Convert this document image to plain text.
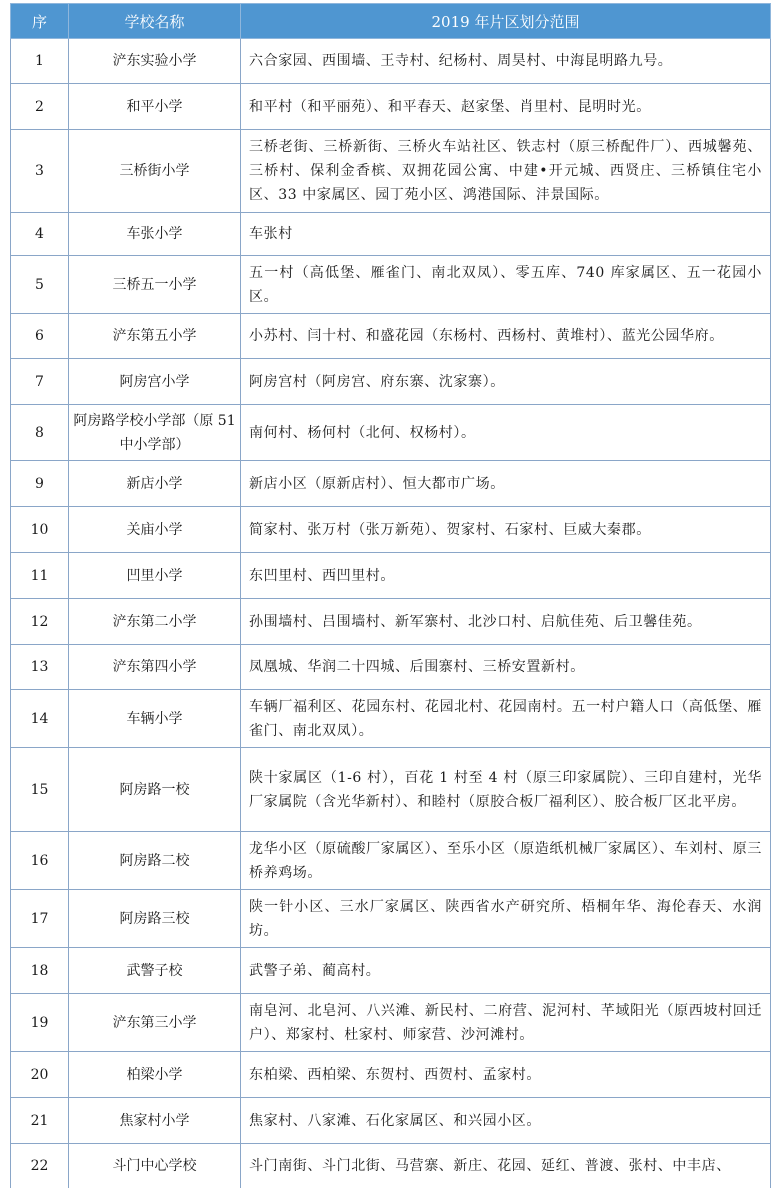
序	学校名称	2019 年片区划分范围
1	浐东实验小学	六合家园、西围墙、王寺村、纪杨村、周昊村、中海昆明路九号。
2	和平小学	和平村（和平丽苑）、和平春天、赵家堡、肖里村、昆明时光。
3	三桥街小学	三桥老街、三桥新街、三桥火车站社区、铁志村（原三桥配件厂）、西城馨苑、三桥村、保利金香槟、双拥花园公寓、中建•开元城、西贤庄、三桥镇住宅小区、33 中家属区、园丁苑小区、鸿港国际、沣景国际。
4	车张小学	车张村
5	三桥五一小学	五一村（高低堡、雁雀门、南北双凤）、零五库、740 库家属区、五一花园小区。
6	浐东第五小学	小苏村、闫十村、和盛花园（东杨村、西杨村、黄堆村）、蓝光公园华府。
7	阿房宫小学	阿房宫村（阿房宫、府东寨、沈家寨）。
8	阿房路学校小学部（原 51 中小学部）	南何村、杨何村（北何、权杨村）。
9	新店小学	新店小区（原新店村）、恒大都市广场。
10	关庙小学	简家村、张万村（张万新苑）、贺家村、石家村、巨威大秦郡。
11	凹里小学	东凹里村、西凹里村。
12	浐东第二小学	孙围墙村、吕围墙村、新军寨村、北沙口村、启航佳苑、后卫馨佳苑。
13	浐东第四小学	凤凰城、华润二十四城、后围寨村、三桥安置新村。
14	车辆小学	车辆厂福利区、花园东村、花园北村、花园南村。五一村户籍人口（高低堡、雁雀门、南北双凤）。
15	阿房路一校	陕十家属区（1-6 村），百花 1 村至 4 村（原三印家属院）、三印自建村，光华厂家属院（含光华新村）、和睦村（原胶合板厂福利区）、胶合板厂区北平房。
16	阿房路二校	龙华小区（原硫酸厂家属区）、至乐小区（原造纸机械厂家属区）、车刘村、原三桥养鸡场。
17	阿房路三校	陕一针小区、三水厂家属区、陕西省水产研究所、梧桐年华、海伦春天、水润坊。
18	武警子校	武警子弟、蔺高村。
19	浐东第三小学	南皂河、北皂河、八兴滩、新民村、二府营、泥河村、芊域阳光（原西坡村回迁户）、郑家村、杜家村、师家营、沙河滩村。
20	柏梁小学	东柏梁、西柏梁、东贺村、西贺村、孟家村。
21	焦家村小学	焦家村、八家滩、石化家属区、和兴园小区。
22	斗门中心学校	斗门南街、斗门北街、马营寨、新庄、花园、延红、普渡、张村、中丰店、
